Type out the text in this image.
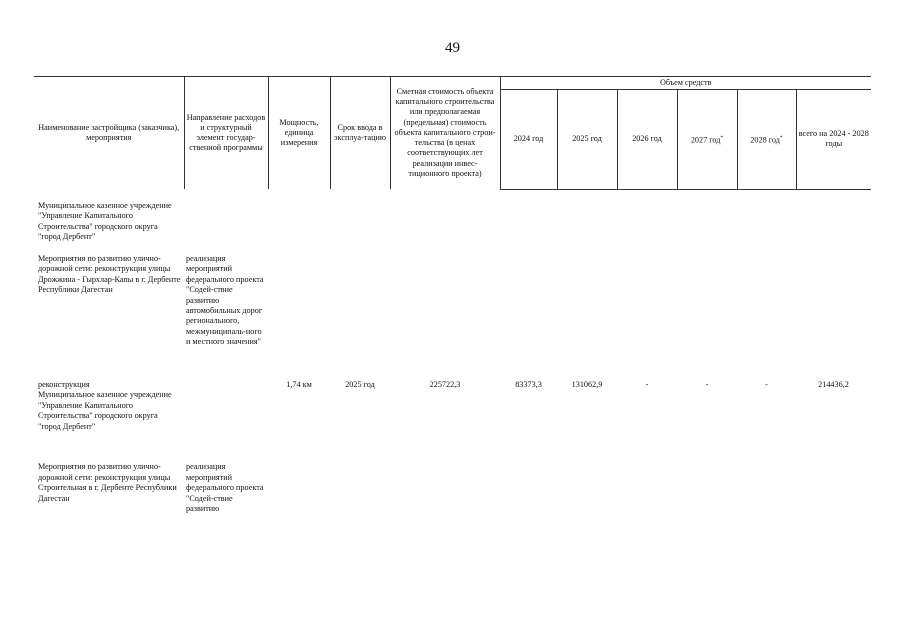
49
Наименование застройщика (заказчика), мероприятия	Направление расходов и структурный элемент государ-ственной программы	Мощность, единица измерения	Срок ввода в эксплуа-тацию	Сметная стоимость объекта капитального строительства или предполагаемая (предельная) стоимость объекта капитального строи-тельства (в ценах соответствующих лет реализации инвес-тиционного проекта)	Объем средств					
					2024 год	2025 год	2026 год	2027 год*	2028 год*	всего на 2024 - 2028 годы
Муниципальное казенное учреждение "Управление Капитального Строительства" городского округа "город Дербент"										
Мероприятия по развитию улично-дорожной сети: реконструкция улицы Дрожжина - Гырхлар-Капы в г. Дербенте Республики Дагестан	реализация мероприятий федерального проекта "Содей-ствие развитию автомобильных дорог регионального, межмуниципаль-ного и местного значения"									
реконструкция		1,74 км	2025 год	225722,3	83373,3	131062,9	-	-	-	214436,2
Муниципальное казенное учреждение "Управление Капитального Строительства" городского округа "город Дербент"										
Мероприятия по развитию улично-дорожной сети: реконструкция улицы Строительная в г. Дербенте Республики Дагестан	реализация мероприятий федерального проекта "Содей-ствие развитию									
